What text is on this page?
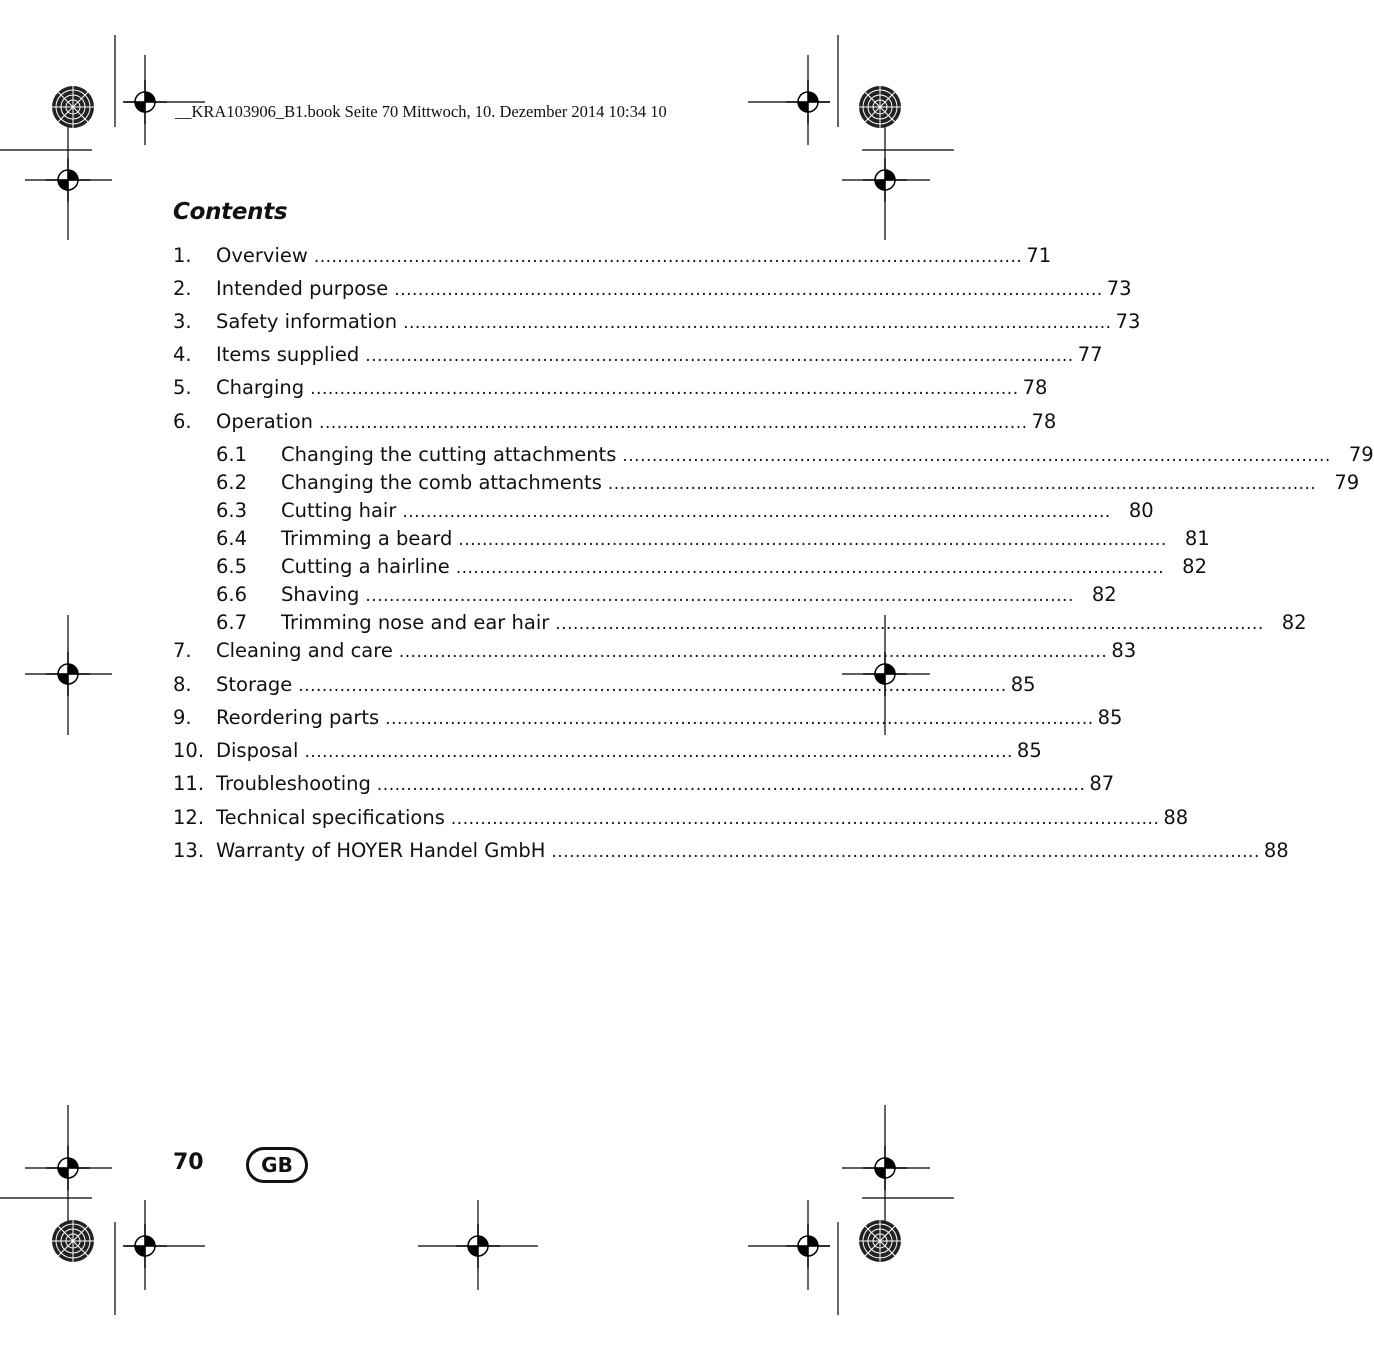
__KRA103906_B1.book Seite 70 Mittwoch, 10. Dezember 2014 10:34 10
Contents
1.	Overview ........................................................................................................................ 71
2.	Intended purpose ........................................................................................................................ 73
3.	Safety information ........................................................................................................................ 73
4.	Items supplied ........................................................................................................................ 77
5.	Charging ........................................................................................................................ 78
6.	Operation ........................................................................................................................ 78
6.1	Changing the cutting attachments ........................................................................................................................ 79
6.2	Changing the comb attachments ........................................................................................................................ 79
6.3	Cutting hair ........................................................................................................................ 80
6.4	Trimming a beard ........................................................................................................................ 81
6.5	Cutting a hairline ........................................................................................................................ 82
6.6	Shaving ........................................................................................................................ 82
6.7	Trimming nose and ear hair ........................................................................................................................ 82
7.	Cleaning and care ........................................................................................................................ 83
8.	Storage ........................................................................................................................ 85
9.	Reordering parts ........................................................................................................................ 85
10. Disposal ........................................................................................................................ 85
11. Troubleshooting ........................................................................................................................ 87
12. Technical specifications ........................................................................................................................ 88
13. Warranty of HOYER Handel GmbH ........................................................................................................................ 88
70	GB
